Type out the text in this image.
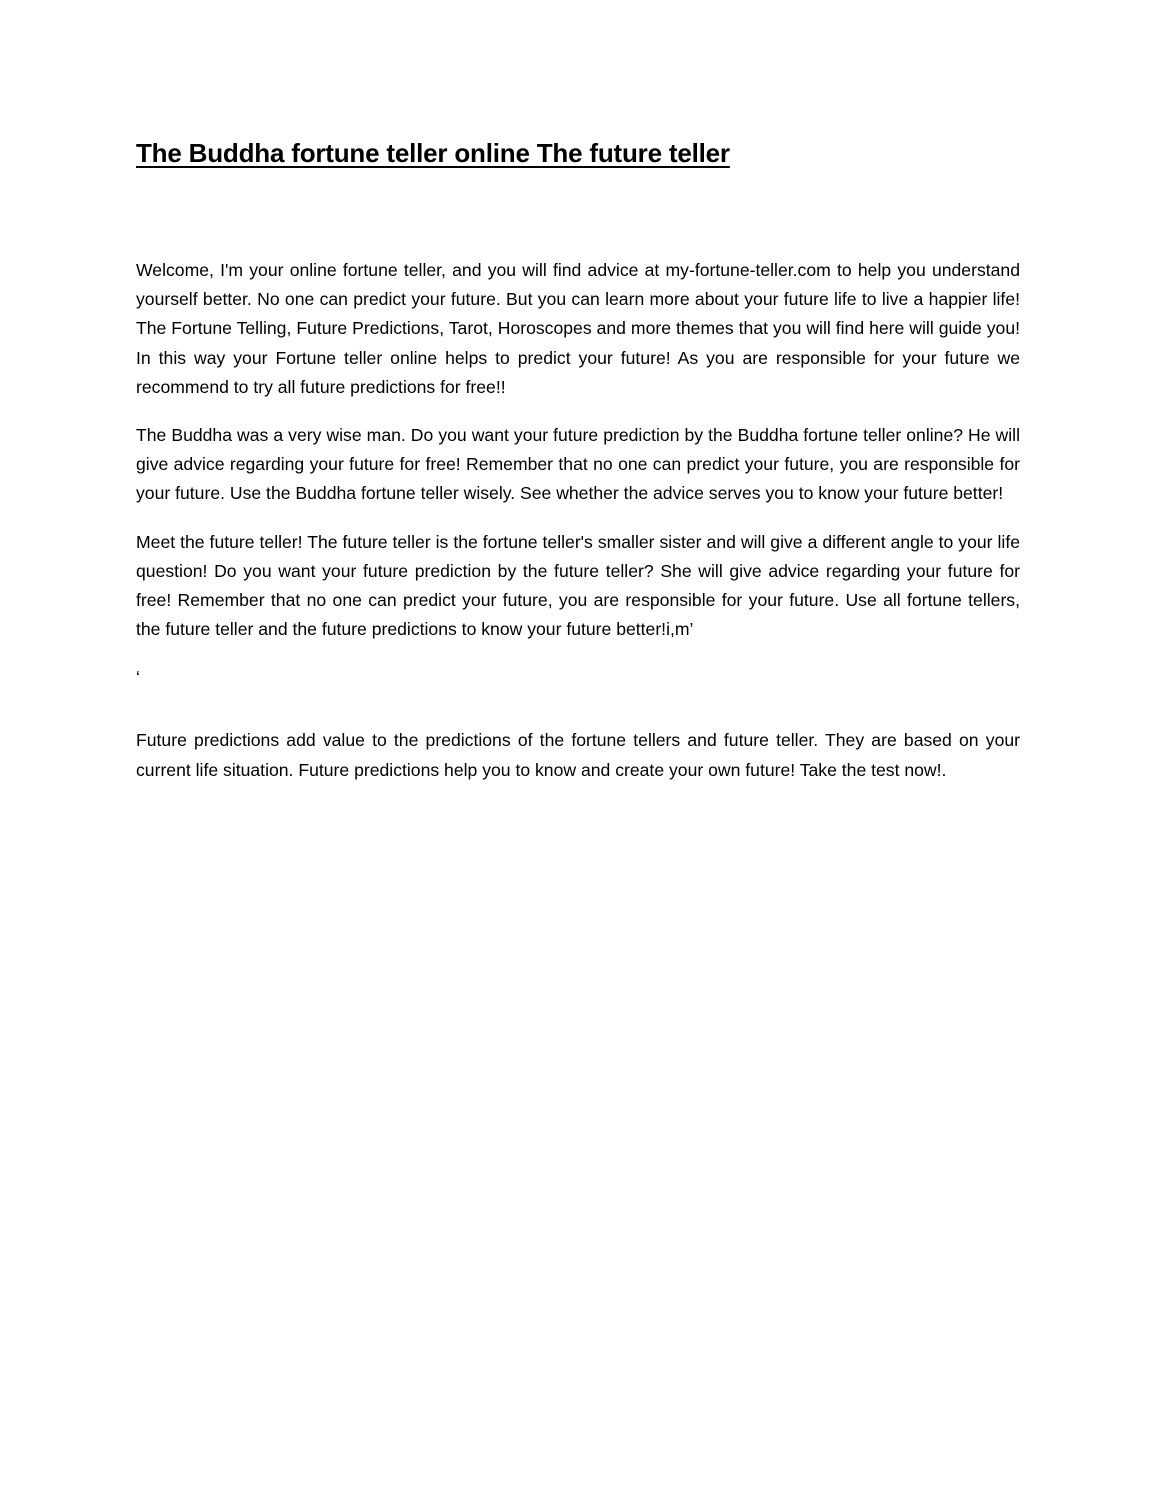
The Buddha fortune teller online The future teller

Welcome, I'm your online fortune teller, and you will find advice at my-fortune-teller.com to help you understand yourself better. No one can predict your future. But you can learn more about your future life to live a happier life! The Fortune Telling, Future Predictions, Tarot, Horoscopes and more themes that you will find here will guide you! In this way your Fortune teller online helps to predict your future! As you are responsible for your future we recommend to try all future predictions for free!!

The Buddha was a very wise man. Do you want your future prediction by the Buddha fortune teller online? He will give advice regarding your future for free! Remember that no one can predict your future, you are responsible for your future. Use the Buddha fortune teller wisely. See whether the advice serves you to know your future better!

Meet the future teller! The future teller is the fortune teller's smaller sister and will give a different angle to your life question! Do you want your future prediction by the future teller? She will give advice regarding your future for free! Remember that no one can predict your future, you are responsible for your future. Use all fortune tellers, the future teller and the future predictions to know your future better!i,m’

‘

Future predictions add value to the predictions of the fortune tellers and future teller. They are based on your current life situation. Future predictions help you to know and create your own future! Take the test now!.
